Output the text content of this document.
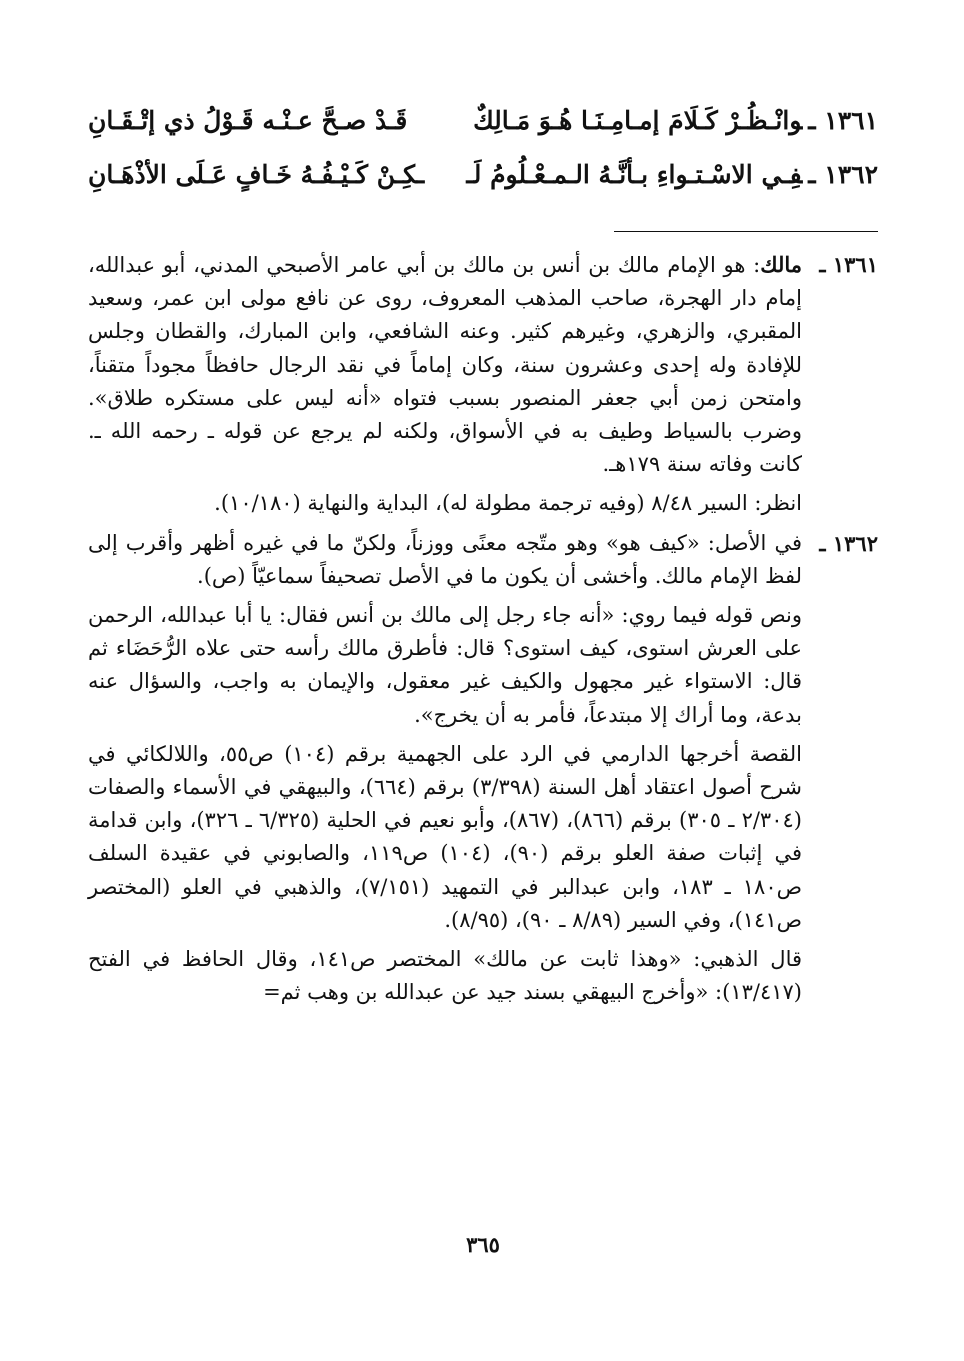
١٣٦١ ـوانْـظُـرْ كَـلَامَ إمـامِـنَـا هُـوَ مَـالِكٌ
قَـدْ صـحَّ عـنْـه قَـوْلُ ذي إتْـقَـانِ
١٣٦٢ ـفِـي الاسْـتـواءِ بـأنَّـهُ الـمـعْـلُومُ لَـ
ـكِـنْ كَـيْـفُـهُ خَـافٍ عَـلَى الأذْهَـانِ
١٣٦١ ـ

مالك: هو الإمام مالك بن أنس بن مالك بن أبي عامر الأصبحي المدني، أبو عبدالله، إمام دار الهجرة، صاحب المذهب المعروف، روى عن نافع مولى ابن عمر، وسعيد المقبري، والزهري، وغيرهم كثير. وعنه الشافعي، وابن المبارك، والقطان وجلس للإفادة وله إحدى وعشرون سنة، وكان إماماً في نقد الرجال حافظاً مجوداً متقناً، وامتحن زمن أبي جعفر المنصور بسبب فتواه «أنه ليس على مستكره طلاق». وضرب بالسياط وطيف به في الأسواق، ولكنه لم يرجع عن قوله ـ رحمه الله ـ. كانت وفاته سنة ١٧٩هـ.

انظر: السير ٨/٤٨ (وفيه ترجمة مطولة له)، البداية والنهاية (١٠/١٨٠).

١٣٦٢ ـ

في الأصل: «كيف هو» وهو متّجه معنًى ووزناً، ولكنّ ما في غيره أظهر وأقرب إلى لفظ الإمام مالك. وأخشى أن يكون ما في الأصل تصحيفاً سماعيّاً (ص).

ونص قوله فيما روي: «أنه جاء رجل إلى مالك بن أنس فقال: يا أبا عبدالله، الرحمن على العرش استوى، كيف استوى؟ قال: فأطرق مالك رأسه حتى علاه الرُّحَضَاء ثم قال: الاستواء غير مجهول والكيف غير معقول، والإيمان به واجب، والسؤال عنه بدعة، وما أراك إلا مبتدعاً، فأمر به أن يخرج».

القصة أخرجها الدارمي في الرد على الجهمية برقم (١٠٤) ص٥٥، واللالكائي في شرح أصول اعتقاد أهل السنة (٣/٣٩٨) برقم (٦٦٤)، والبيهقي في الأسماء والصفات (٢/٣٠٤ ـ ٣٠٥) برقم (٨٦٦)، (٨٦٧)، وأبو نعيم في الحلية (٦/٣٢٥ ـ ٣٢٦)، وابن قدامة في إثبات صفة العلو برقم (٩٠)، (١٠٤) ص١١٩، والصابوني في عقيدة السلف ص١٨٠ ـ ١٨٣، وابن عبدالبر في التمهيد (٧/١٥١)، والذهبي في العلو (المختصر ص١٤١)، وفي السير (٨/٨٩ ـ ٩٠)، (٨/٩٥).

قال الذهبي: «وهذا ثابت عن مالك» المختصر ص١٤١، وقال الحافظ في الفتح (١٣/٤١٧): «وأخرج البيهقي بسند جيد عن عبدالله بن وهب ثم=

٣٦٥
